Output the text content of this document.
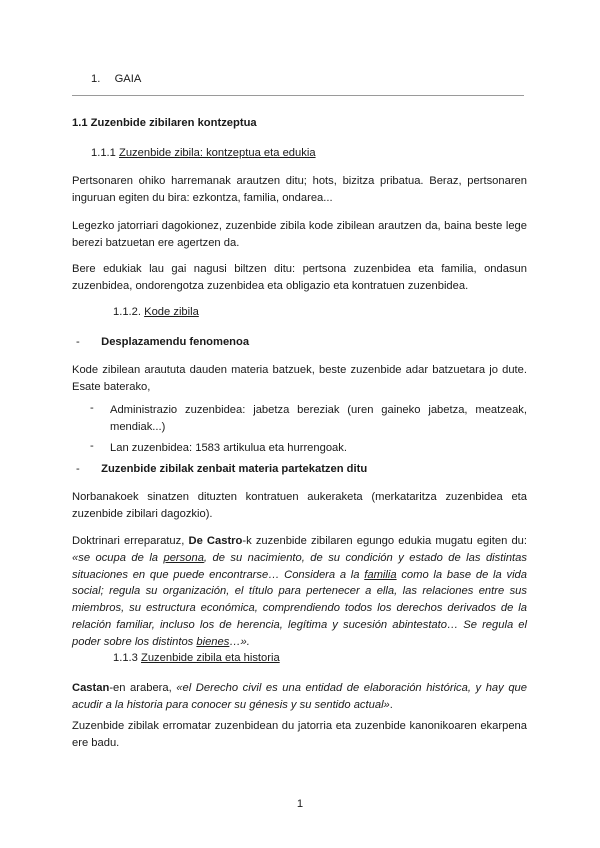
1. GAIA
1.1 Zuzenbide zibilaren kontzeptua
1.1.1 Zuzenbide zibila: kontzeptua eta edukia

Pertsonaren ohiko harremanak arautzen ditu; hots, bizitza pribatua. Beraz, pertsonaren inguruan egiten du bira: ezkontza, familia, ondarea...

Legezko jatorriari dagokionez, zuzenbide zibila kode zibilean arautzen da, baina beste lege berezi batzuetan ere agertzen da.

Bere edukiak lau gai nagusi biltzen ditu: pertsona zuzenbidea eta familia, ondasun zuzenbidea, ondorengotza zuzenbidea eta obligazio eta kontratuen zuzenbidea.

1.1.2. Kode zibila
- Desplazamendu fenomenoa

Kode zibilean araututa dauden materia batzuek, beste zuzenbide adar batzuetara jo dute. Esate baterako,

- Administrazio zuzenbidea: jabetza bereziak (uren gaineko jabetza, meatzeak, mendiak...)

- Lan zuzenbidea: 1583 artikulua eta hurrengoak.

- Zuzenbide zibilak zenbait materia partekatzen ditu

Norbanakoek sinatzen dituzten kontratuen aukeraketa (merkataritza zuzenbidea eta zuzenbide zibilari dagozkio).

Doktrinari erreparatuz, De Castro-k zuzenbide zibilaren egungo edukia mugatu egiten du: «se ocupa de la persona, de su nacimiento, de su condición y estado de las distintas situaciones en que puede encontrarse… Considera a la familia como la base de la vida social; regula su organización, el título para pertenecer a ella, las relaciones entre sus miembros, su estructura económica, comprendiendo todos los derechos derivados de la relación familiar, incluso los de herencia, legítima y sucesión abintestato… Se regula el poder sobre los distintos bienes…».

1.1.3 Zuzenbide zibila eta historia

Castan-en arabera, «el Derecho civil es una entidad de elaboración histórica, y hay que acudir a la historia para conocer su génesis y su sentido actual».

Zuzenbide zibilak erromatar zuzenbidean du jatorria eta zuzenbide kanonikoaren ekarpena ere badu.

1
